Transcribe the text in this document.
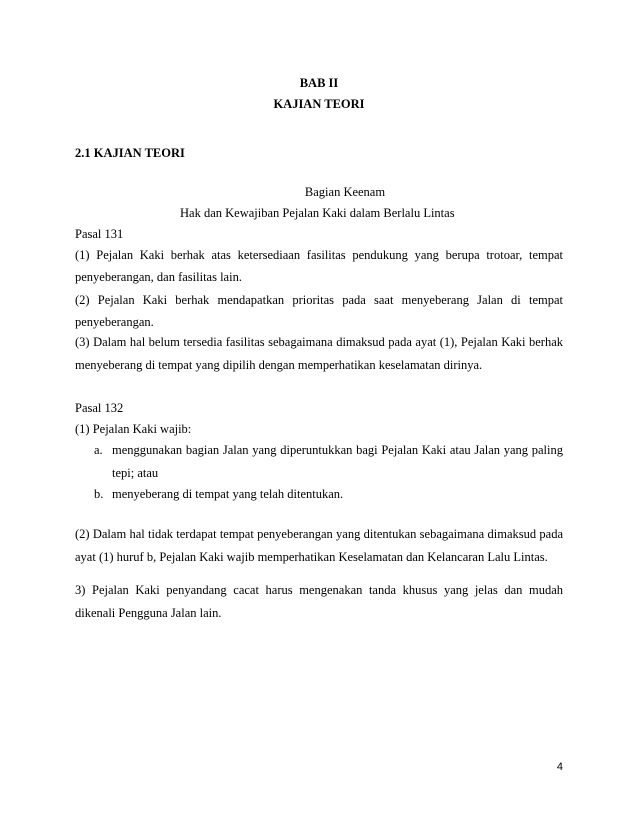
BAB II
KAJIAN TEORI
2.1 KAJIAN TEORI
Bagian Keenam
Hak dan Kewajiban Pejalan Kaki dalam Berlalu Lintas
Pasal 131
(1) Pejalan Kaki berhak atas ketersediaan fasilitas pendukung yang berupa trotoar, tempat
penyeberangan, dan fasilitas lain.
(2) Pejalan Kaki berhak mendapatkan prioritas pada saat menyeberang Jalan di tempat
penyeberangan.
(3) Dalam hal belum tersedia fasilitas sebagaimana dimaksud pada ayat (1), Pejalan Kaki berhak
menyeberang di tempat yang dipilih dengan memperhatikan keselamatan dirinya.
Pasal 132
(1) Pejalan Kaki wajib:
a. menggunakan bagian Jalan yang diperuntukkan bagi Pejalan Kaki atau Jalan yang paling
tepi; atau
b. menyeberang di tempat yang telah ditentukan.
(2) Dalam hal tidak terdapat tempat penyeberangan yang ditentukan sebagaimana dimaksud pada
ayat (1) huruf b, Pejalan Kaki wajib memperhatikan Keselamatan dan Kelancaran Lalu Lintas.
3) Pejalan Kaki penyandang cacat harus mengenakan tanda khusus yang jelas dan mudah
dikenali Pengguna Jalan lain.
4
